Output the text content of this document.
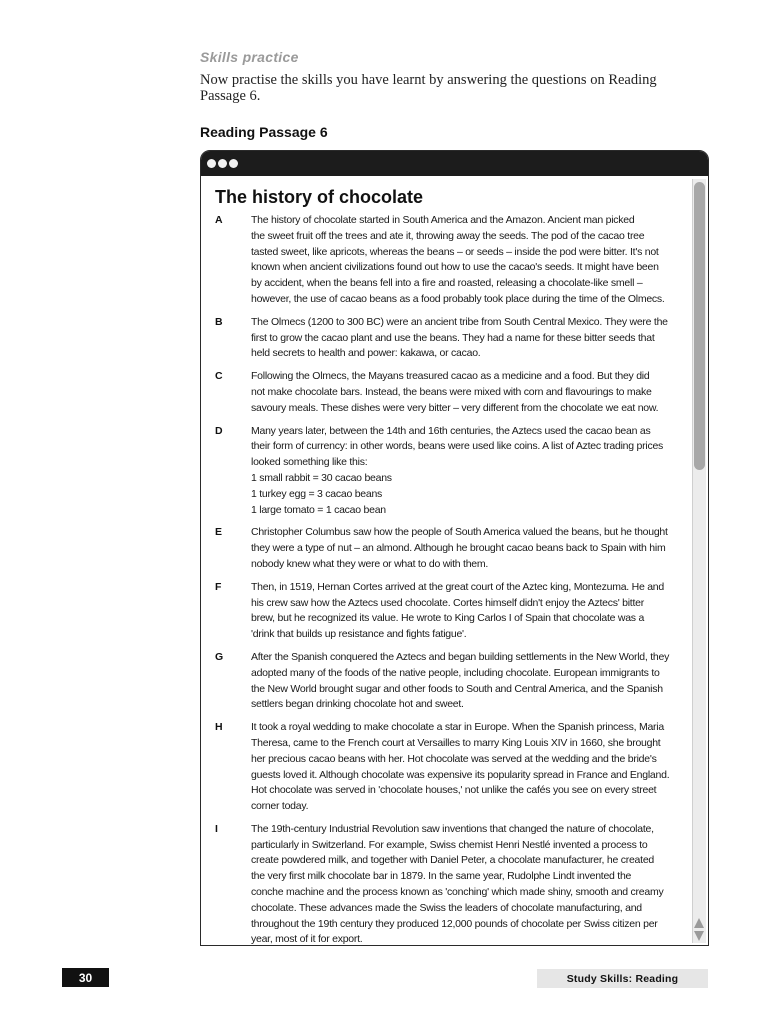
Skills practice
Now practise the skills you have learnt by answering the questions on Reading Passage 6.
Reading Passage 6
The history of chocolate
A	The history of chocolate started in South America and the Amazon. Ancient man picked
the sweet fruit off the trees and ate it, throwing away the seeds. The pod of the cacao tree
tasted sweet, like apricots, whereas the beans – or seeds – inside the pod were bitter. It's not
known when ancient civilizations found out how to use the cacao's seeds. It might have been
by accident, when the beans fell into a fire and roasted, releasing a chocolate-like smell –
however, the use of cacao beans as a food probably took place during the time of the Olmecs.
B	The Olmecs (1200 to 300 BC) were an ancient tribe from South Central Mexico. They were the
first to grow the cacao plant and use the beans. They had a name for these bitter seeds that
held secrets to health and power: kakawa, or cacao.
C	Following the Olmecs, the Mayans treasured cacao as a medicine and a food. But they did
not make chocolate bars. Instead, the beans were mixed with corn and flavourings to make
savoury meals. These dishes were very bitter – very different from the chocolate we eat now.
D	Many years later, between the 14th and 16th centuries, the Aztecs used the cacao bean as
their form of currency: in other words, beans were used like coins. A list of Aztec trading prices
looked something like this:
1 small rabbit = 30 cacao beans
1 turkey egg = 3 cacao beans
1 large tomato = 1 cacao bean
E	Christopher Columbus saw how the people of South America valued the beans, but he thought
they were a type of nut – an almond. Although he brought cacao beans back to Spain with him
nobody knew what they were or what to do with them.
F	Then, in 1519, Hernan Cortes arrived at the great court of the Aztec king, Montezuma. He and
his crew saw how the Aztecs used chocolate. Cortes himself didn't enjoy the Aztecs' bitter
brew, but he recognized its value. He wrote to King Carlos I of Spain that chocolate was a
'drink that builds up resistance and fights fatigue'.
G	After the Spanish conquered the Aztecs and began building settlements in the New World, they
adopted many of the foods of the native people, including chocolate. European immigrants to
the New World brought sugar and other foods to South and Central America, and the Spanish
settlers began drinking chocolate hot and sweet.
H	It took a royal wedding to make chocolate a star in Europe. When the Spanish princess, Maria
Theresa, came to the French court at Versailles to marry King Louis XIV in 1660, she brought
her precious cacao beans with her. Hot chocolate was served at the wedding and the bride's
guests loved it. Although chocolate was expensive its popularity spread in France and England.
Hot chocolate was served in 'chocolate houses,' not unlike the cafés you see on every street
corner today.
I	The 19th-century Industrial Revolution saw inventions that changed the nature of chocolate,
particularly in Switzerland. For example, Swiss chemist Henri Nestlé invented a process to
create powdered milk, and together with Daniel Peter, a chocolate manufacturer, he created
the very first milk chocolate bar in 1879. In the same year, Rudolphe Lindt invented the
conche machine and the process known as 'conching' which made shiny, smooth and creamy
chocolate. These advances made the Swiss the leaders of chocolate manufacturing, and
throughout the 19th century they produced 12,000 pounds of chocolate per Swiss citizen per
year, most of it for export.
30	Study Skills: Reading
